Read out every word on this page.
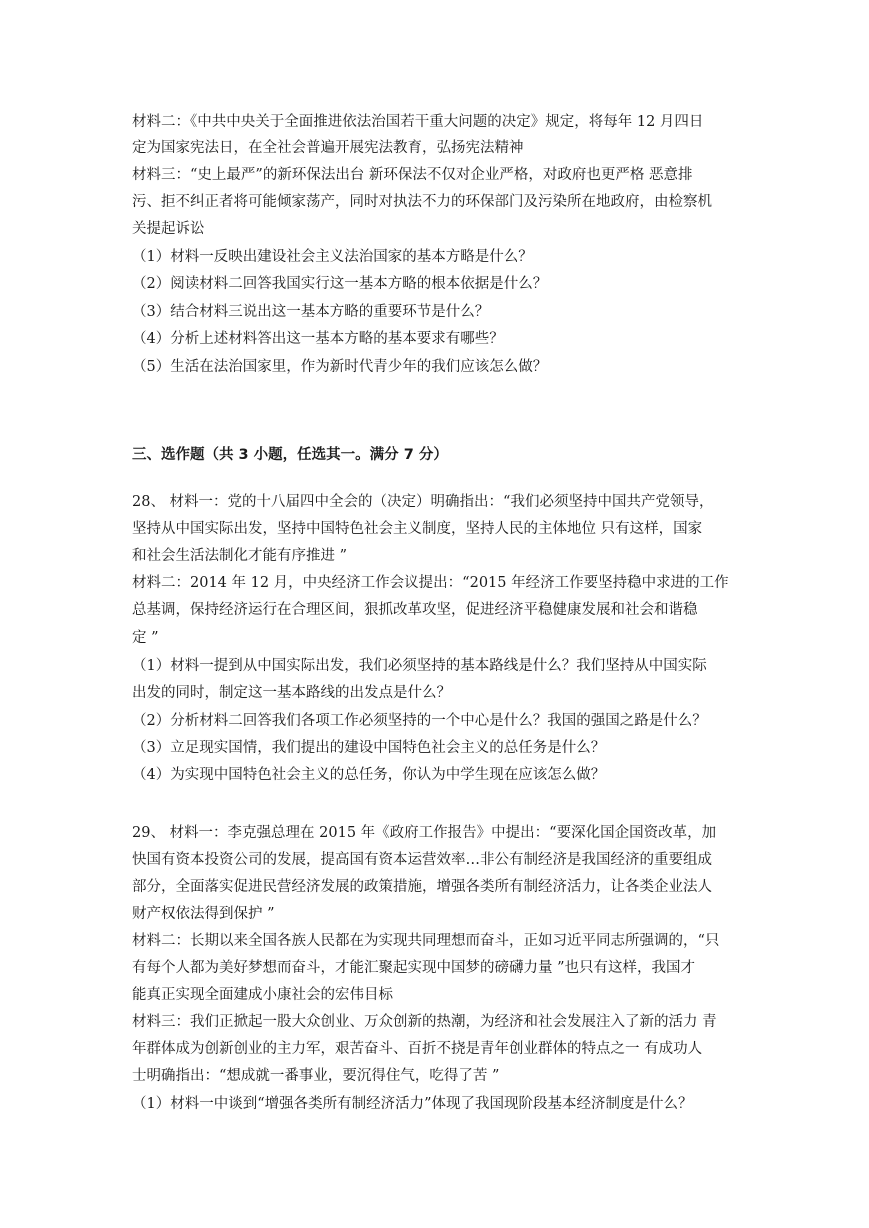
材料二：《中共中央关于全面推进依法治国若干重大问题的决定》规定，将每年 12 月四日
定为国家宪法日，在全社会普遍开展宪法教育，弘扬宪法精神
材料三：“史上最严”的新环保法出台 新环保法不仅对企业严格，对政府也更严格 恶意排
污、拒不纠正者将可能倾家荡产，同时对执法不力的环保部门及污染所在地政府，由检察机
关提起诉讼
（1）材料一反映出建设社会主义法治国家的基本方略是什么？
（2）阅读材料二回答我国实行这一基本方略的根本依据是什么？
（3）结合材料三说出这一基本方略的重要环节是什么？
（4）分析上述材料答出这一基本方略的基本要求有哪些？
（5）生活在法治国家里，作为新时代青少年的我们应该怎么做？
三、选作题（共 3 小题，任选其一。满分 7 分）
28、 材料一：党的十八届四中全会的（决定）明确指出：“我们必须坚持中国共产党领导，
坚持从中国实际出发，坚持中国特色社会主义制度，坚持人民的主体地位 只有这样，国家
和社会生活法制化才能有序推进 ”
材料二：2014 年 12 月，中央经济工作会议提出：“2015 年经济工作要坚持稳中求进的工作
总基调，保持经济运行在合理区间，狠抓改革攻坚，促进经济平稳健康发展和社会和谐稳
定 ”
（1）材料一提到从中国实际出发，我们必须坚持的基本路线是什么？我们坚持从中国实际
出发的同时，制定这一基本路线的出发点是什么？
（2）分析材料二回答我们各项工作必须坚持的一个中心是什么？我国的强国之路是什么？
（3）立足现实国情，我们提出的建设中国特色社会主义的总任务是什么？
（4）为实现中国特色社会主义的总任务，你认为中学生现在应该怎么做？
29、 材料一：李克强总理在 2015 年《政府工作报告》中提出：“要深化国企国资改革，加
快国有资本投资公司的发展，提高国有资本运营效率…非公有制经济是我国经济的重要组成
部分，全面落实促进民营经济发展的政策措施，增强各类所有制经济活力，让各类企业法人
财产权依法得到保护 ”
材料二：长期以来全国各族人民都在为实现共同理想而奋斗，正如习近平同志所强调的，“只
有每个人都为美好梦想而奋斗，才能汇聚起实现中国梦的磅礴力量 ”也只有这样，我国才
能真正实现全面建成小康社会的宏伟目标
材料三：我们正掀起一股大众创业、万众创新的热潮，为经济和社会发展注入了新的活力 青
年群体成为创新创业的主力军，艰苦奋斗、百折不挠是青年创业群体的特点之一 有成功人
士明确指出：“想成就一番事业，要沉得住气，吃得了苦 ”
（1）材料一中谈到“增强各类所有制经济活力”体现了我国现阶段基本经济制度是什么？
